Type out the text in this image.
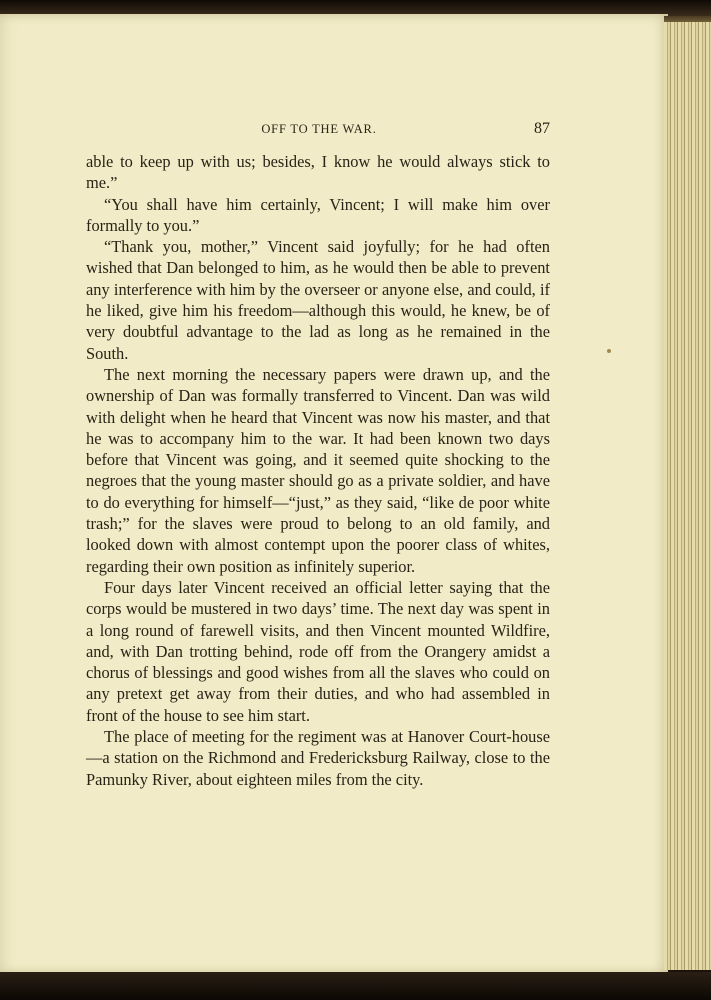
OFF TO THE WAR.	87

able to keep up with us; besides, I know he would always stick to me.”

“You shall have him certainly, Vincent; I will make him over formally to you.”

“Thank you, mother,” Vincent said joyfully; for he had often wished that Dan belonged to him, as he would then be able to prevent any interference with him by the overseer or anyone else, and could, if he liked, give him his freedom—although this would, he knew, be of very doubtful advantage to the lad as long as he remained in the South.

The next morning the necessary papers were drawn up, and the ownership of Dan was formally transferred to Vincent. Dan was wild with delight when he heard that Vincent was now his master, and that he was to accompany him to the war. It had been known two days before that Vincent was going, and it seemed quite shocking to the negroes that the young master should go as a private soldier, and have to do everything for himself—“just,” as they said, “like de poor white trash;” for the slaves were proud to belong to an old family, and looked down with almost contempt upon the poorer class of whites, regarding their own position as infinitely superior.

Four days later Vincent received an official letter saying that the corps would be mustered in two days’ time. The next day was spent in a long round of farewell visits, and then Vincent mounted Wildfire, and, with Dan trotting behind, rode off from the Orangery amidst a chorus of blessings and good wishes from all the slaves who could on any pretext get away from their duties, and who had assembled in front of the house to see him start.

The place of meeting for the regiment was at Hanover Court-house—a station on the Richmond and Fredericksburg Railway, close to the Pamunky River, about eighteen miles from the city.
